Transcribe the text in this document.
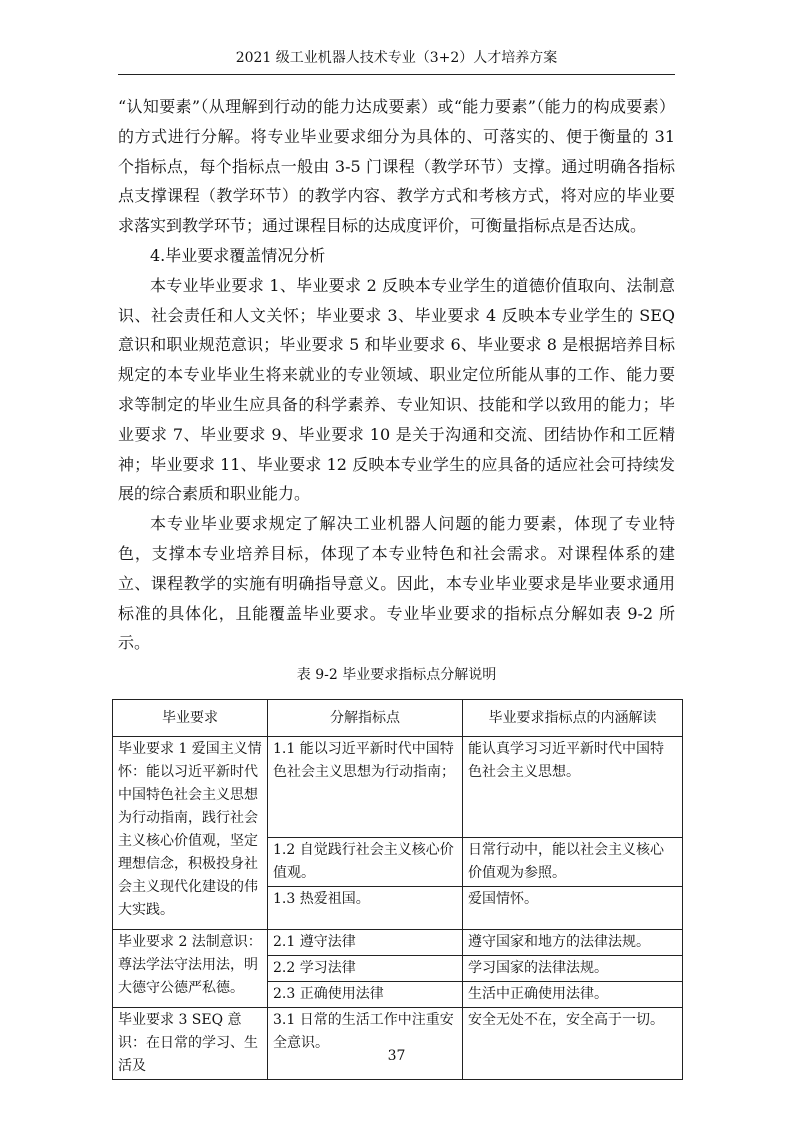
2021 级工业机器人技术专业（3+2）人才培养方案

“认知要素”（从理解到行动的能力达成要素）或“能力要素”（能力的构成要素）的方式进行分解。将专业毕业要求细分为具体的、可落实的、便于衡量的 31 个指标点，每个指标点一般由 3-5 门课程（教学环节）支撑。通过明确各指标点支撑课程（教学环节）的教学内容、教学方式和考核方式，将对应的毕业要求落实到教学环节；通过课程目标的达成度评价，可衡量指标点是否达成。

4.毕业要求覆盖情况分析

本专业毕业要求 1、毕业要求 2 反映本专业学生的道德价值取向、法制意识、社会责任和人文关怀；毕业要求 3、毕业要求 4 反映本专业学生的 SEQ 意识和职业规范意识；毕业要求 5 和毕业要求 6、毕业要求 8 是根据培养目标规定的本专业毕业生将来就业的专业领域、职业定位所能从事的工作、能力要求等制定的毕业生应具备的科学素养、专业知识、技能和学以致用的能力；毕业要求 7、毕业要求 9、毕业要求 10 是关于沟通和交流、团结协作和工匠精神；毕业要求 11、毕业要求 12 反映本专业学生的应具备的适应社会可持续发展的综合素质和职业能力。

本专业毕业要求规定了解决工业机器人问题的能力要素，体现了专业特色，支撑本专业培养目标，体现了本专业特色和社会需求。对课程体系的建立、课程教学的实施有明确指导意义。因此，本专业毕业要求是毕业要求通用标准的具体化，且能覆盖毕业要求。专业毕业要求的指标点分解如表 9-2 所示。

表 9-2 毕业要求指标点分解说明
毕业要求	分解指标点	毕业要求指标点的内涵解读
毕业要求 1 爱国主义情怀：能以习近平新时代中国特色社会主义思想为行动指南，践行社会主义核心价值观，坚定理想信念，积极投身社会主义现代化建设的伟大实践。	1.1 能以习近平新时代中国特色社会主义思想为行动指南；	能认真学习习近平新时代中国特色社会主义思想。
	1.2 自觉践行社会主义核心价值观。	日常行动中，能以社会主义核心价值观为参照。
	1.3 热爱祖国。	爱国情怀。
毕业要求 2 法制意识：尊法学法守法用法，明大德守公德严私德。	2.1 遵守法律	遵守国家和地方的法律法规。
	2.2 学习法律	学习国家的法律法规。
	2.3 正确使用法律	生活中正确使用法律。
毕业要求 3 SEQ 意识：在日常的学习、生活及	3.1 日常的生活工作中注重安全意识。	安全无处不在，安全高于一切。
37
